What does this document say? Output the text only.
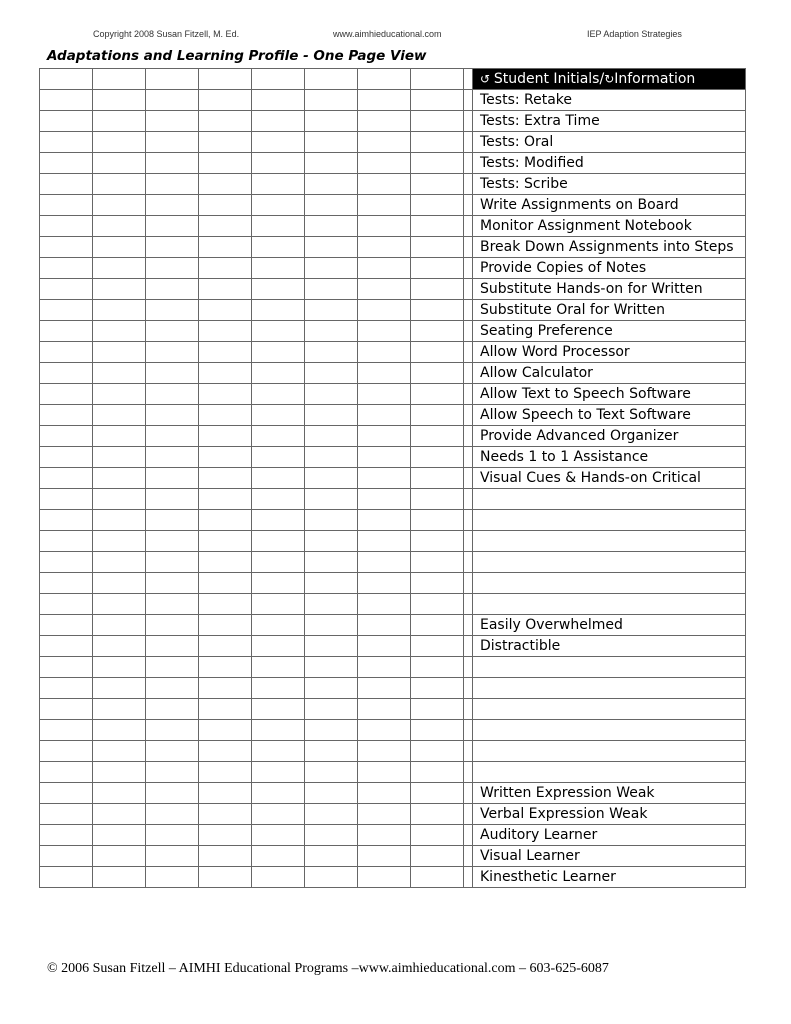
Copyright 2008 Susan Fitzell, M. Ed.	www.aimhieducational.com	IEP Adaption Strategies
Adaptations and Learning Profile - One Page View
									↺ Student Initials/↻Information
									Tests: Retake
									Tests: Extra Time
									Tests: Oral
									Tests: Modified
									Tests: Scribe
									Write Assignments on Board
									Monitor Assignment Notebook
									Break Down Assignments into Steps
									Provide Copies of Notes
									Substitute Hands-on for Written
									Substitute Oral for Written
									Seating Preference
									Allow Word Processor
									Allow Calculator
									Allow Text to Speech Software
									Allow Speech to Text Software
									Provide Advanced Organizer
									Needs 1 to 1 Assistance
									Visual Cues & Hands-on Critical

									Easily Overwhelmed
									Distractible

									Written Expression Weak
									Verbal Expression Weak
									Auditory Learner
									Visual Learner
									Kinesthetic Learner
© 2006 Susan Fitzell – AIMHI Educational Programs –www.aimhieducational.com – 603-625-6087
